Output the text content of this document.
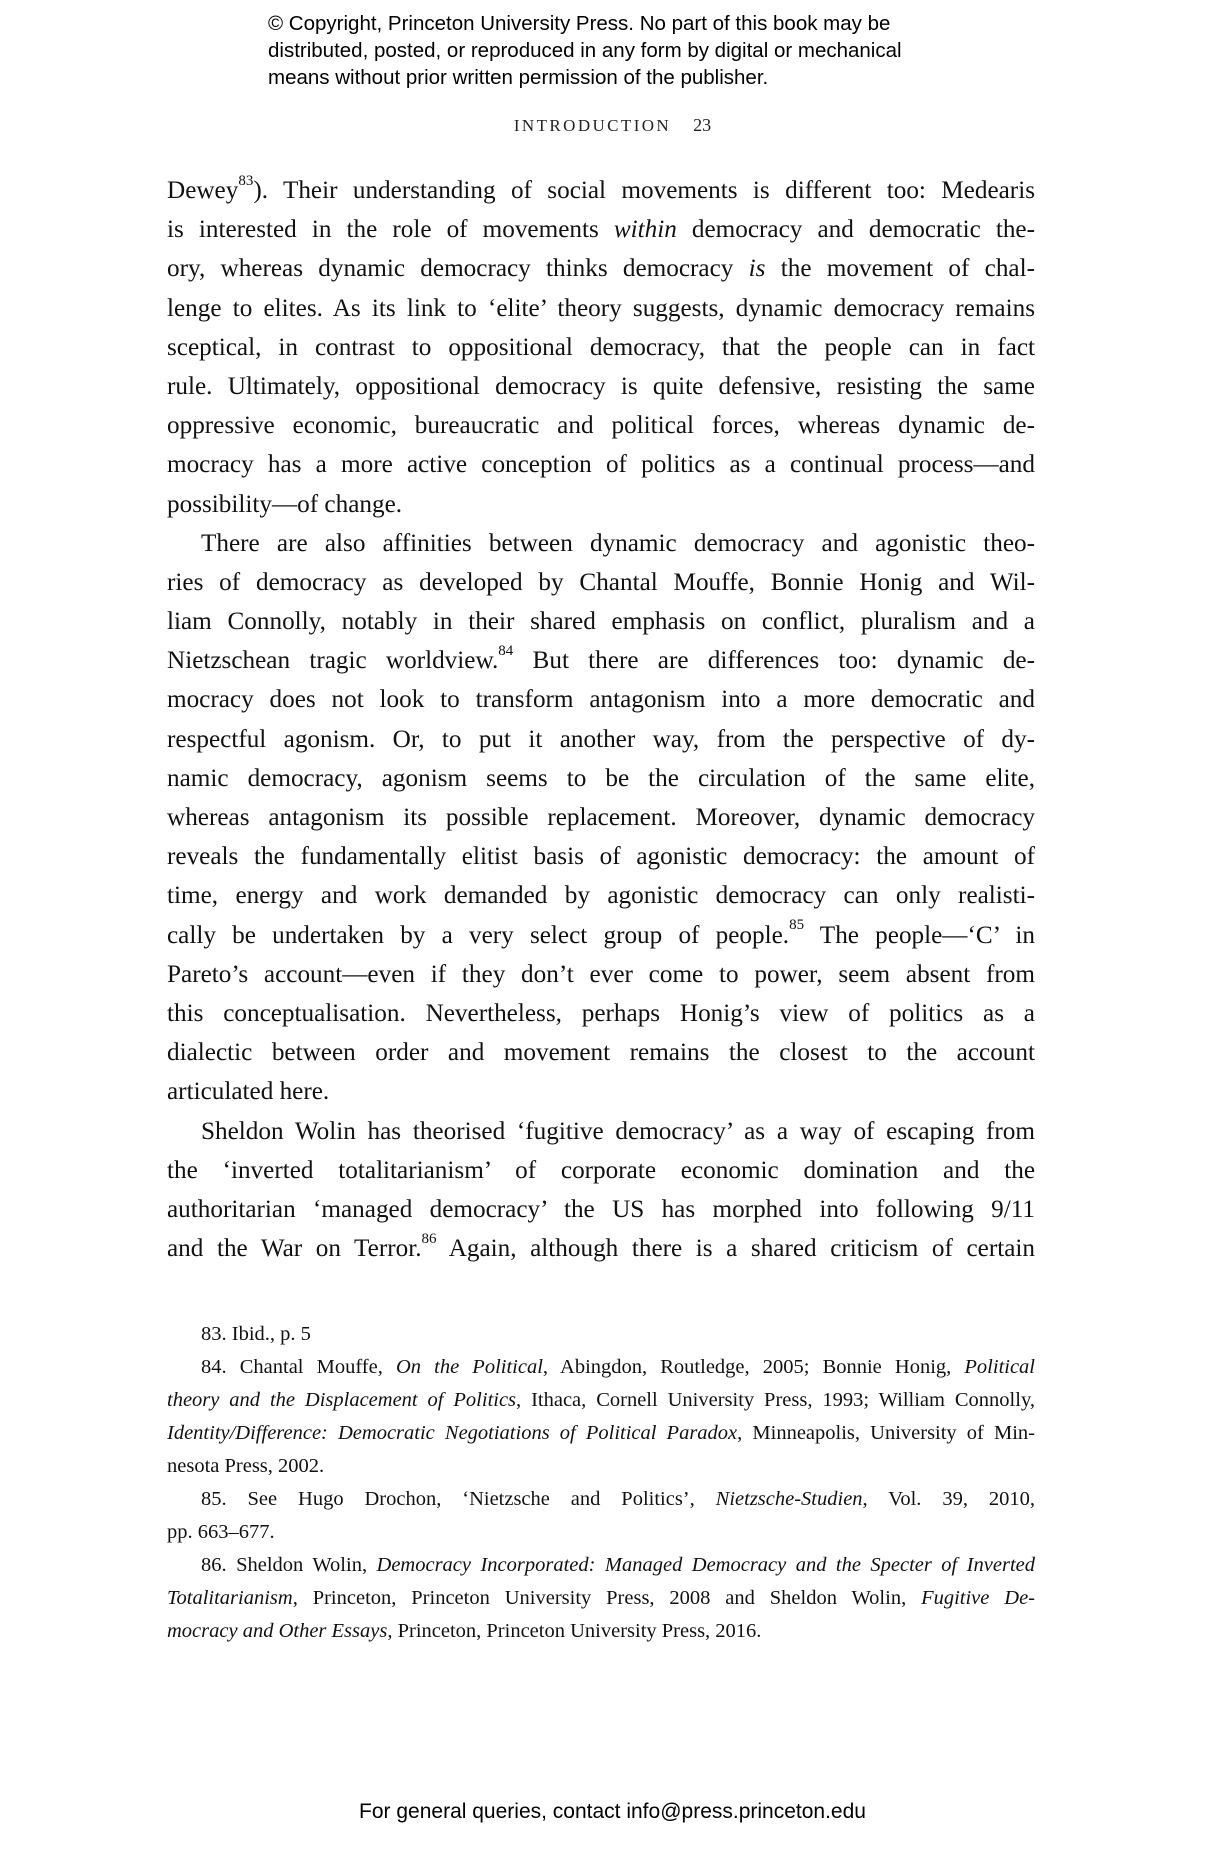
© Copyright, Princeton University Press. No part of this book may be
distributed, posted, or reproduced in any form by digital or mechanical
means without prior written permission of the publisher.
INTRODUCTION 23
Dewey$^{83}$). Their understanding of social movements is different too: Medearis
is interested in the role of movements within democracy and democratic the-
ory, whereas dynamic democracy thinks democracy is the movement of chal-
lenge to elites. As its link to ‘elite’ theory suggests, dynamic democracy remains
sceptical, in contrast to oppositional democracy, that the people can in fact
rule. Ultimately, oppositional democracy is quite defensive, resisting the same
oppressive economic, bureaucratic and political forces, whereas dynamic de-
mocracy has a more active conception of politics as a continual process—and
possibility—of change.
There are also affinities between dynamic democracy and agonistic theo-
ries of democracy as developed by Chantal Mouffe, Bonnie Honig and Wil-
liam Connolly, notably in their shared emphasis on conflict, pluralism and a
Nietzschean tragic worldview.$^{84}$ But there are differences too: dynamic de-
mocracy does not look to transform antagonism into a more democratic and
respectful agonism. Or, to put it another way, from the perspective of dy-
namic democracy, agonism seems to be the circulation of the same elite,
whereas antagonism its possible replacement. Moreover, dynamic democracy
reveals the fundamentally elitist basis of agonistic democracy: the amount of
time, energy and work demanded by agonistic democracy can only realisti-
cally be undertaken by a very select group of people.$^{85}$ The people—‘C’ in
Pareto’s account—even if they don’t ever come to power, seem absent from
this conceptualisation. Nevertheless, perhaps Honig’s view of politics as a
dialectic between order and movement remains the closest to the account
articulated here.
Sheldon Wolin has theorised ‘fugitive democracy’ as a way of escaping from
the ‘inverted totalitarianism’ of corporate economic domination and the
authoritarian ‘managed democracy’ the US has morphed into following 9/11
and the War on Terror.$^{86}$ Again, although there is a shared criticism of certain
83. Ibid., p. 5
84. Chantal Mouffe, On the Political, Abingdon, Routledge, 2005; Bonnie Honig, Political
theory and the Displacement of Politics, Ithaca, Cornell University Press, 1993; William Connolly,
Identity/Difference: Democratic Negotiations of Political Paradox, Minneapolis, University of Min-
nesota Press, 2002.
85. See Hugo Drochon, ‘Nietzsche and Politics’, Nietzsche-Studien, Vol. 39, 2010,
pp. 663–677.
86. Sheldon Wolin, Democracy Incorporated: Managed Democracy and the Specter of Inverted
Totalitarianism, Princeton, Princeton University Press, 2008 and Sheldon Wolin, Fugitive De-
mocracy and Other Essays, Princeton, Princeton University Press, 2016.
For general queries, contact info@press.princeton.edu
